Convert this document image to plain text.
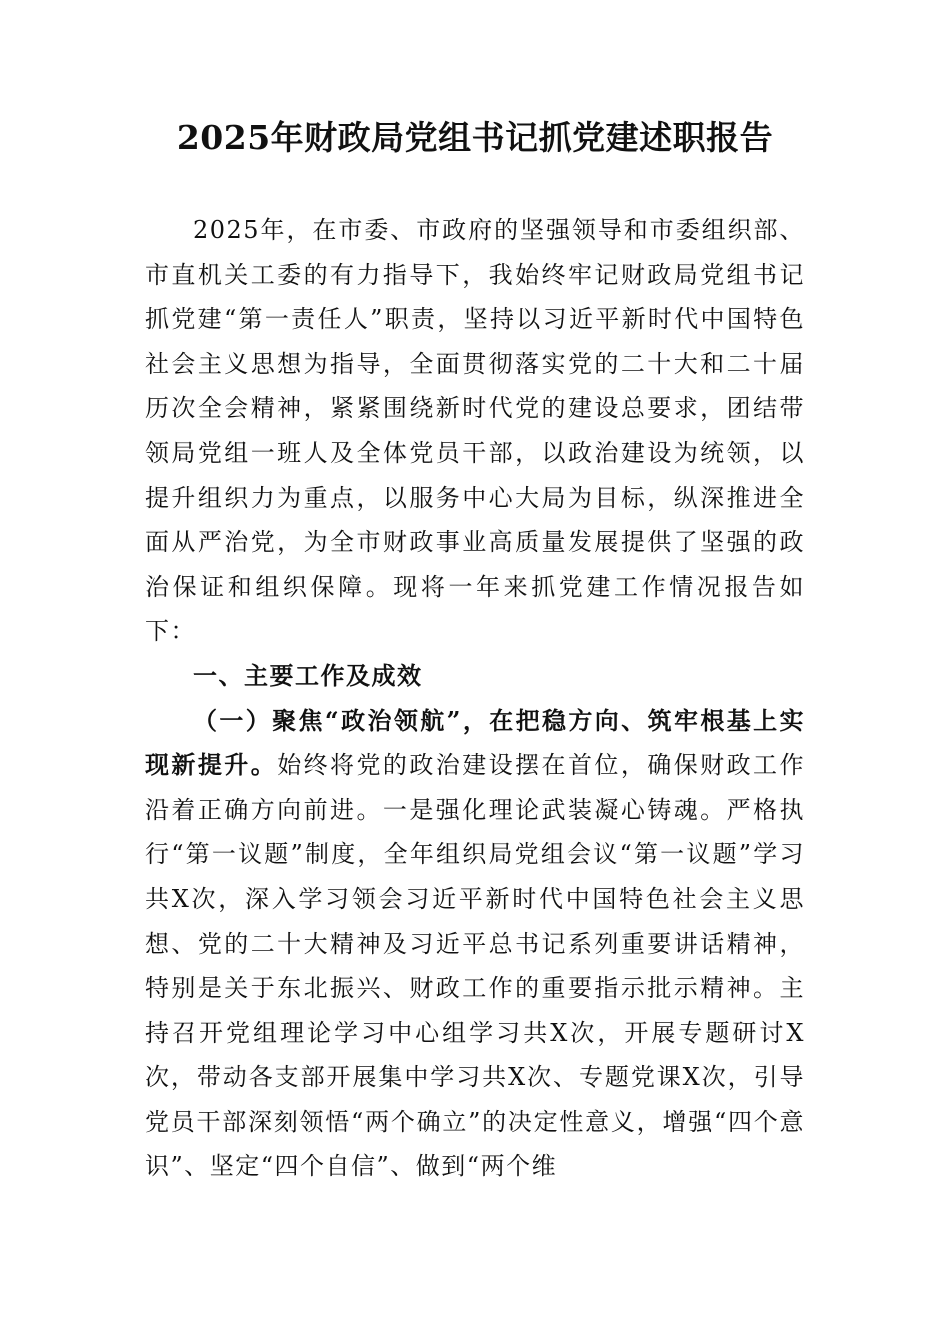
2025年财政局党组书记抓党建述职报告

2025年，在市委、市政府的坚强领导和市委组织部、市直机关工委的有力指导下，我始终牢记财政局党组书记抓党建“第一责任人”职责，坚持以习近平新时代中国特色社会主义思想为指导，全面贯彻落实党的二十大和二十届历次全会精神，紧紧围绕新时代党的建设总要求，团结带领局党组一班人及全体党员干部，以政治建设为统领，以提升组织力为重点，以服务中心大局为目标，纵深推进全面从严治党，为全市财政事业高质量发展提供了坚强的政治保证和组织保障。现将一年来抓党建工作情况报告如下：

一、主要工作及成效

（一）聚焦“政治领航”，在把稳方向、筑牢根基上实现新提升。始终将党的政治建设摆在首位，确保财政工作沿着正确方向前进。一是强化理论武装凝心铸魂。严格执行“第一议题”制度，全年组织局党组会议“第一议题”学习共X次，深入学习领会习近平新时代中国特色社会主义思想、党的二十大精神及习近平总书记系列重要讲话精神，特别是关于东北振兴、财政工作的重要指示批示精神。主持召开党组理论学习中心组学习共X次，开展专题研讨X次，带动各支部开展集中学习共X次、专题党课X次，引导党员干部深刻领悟“两个确立”的决定性意义，增强“四个意识”、坚定“四个自信”、做到“两个维
